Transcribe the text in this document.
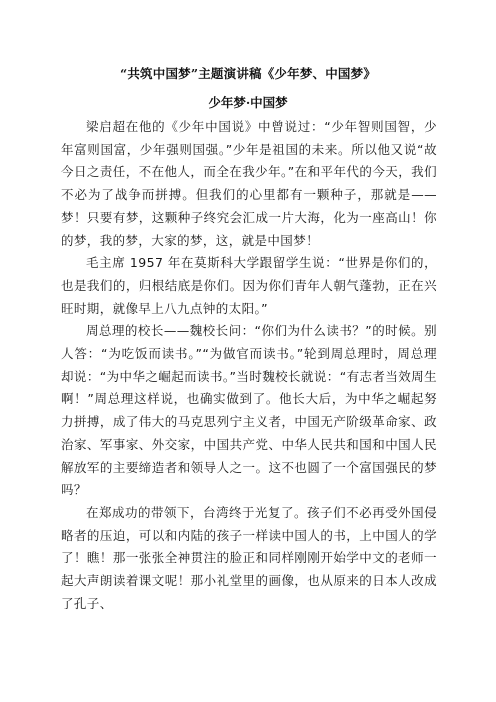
“共筑中国梦”主题演讲稿《少年梦、中国梦》
少年梦·中国梦

梁启超在他的《少年中国说》中曾说过：“少年智则国智，少年富则国富，少年强则国强。”少年是祖国的未来。所以他又说“故今日之责任，不在他人，而全在我少年。”在和平年代的今天，我们不必为了战争而拼搏。但我们的心里都有一颗种子，那就是——梦！只要有梦，这颗种子终究会汇成一片大海，化为一座高山！你的梦，我的梦，大家的梦，这，就是中国梦！

毛主席 1957 年在莫斯科大学跟留学生说：“世界是你们的，也是我们的，归根结底是你们。因为你们青年人朝气蓬勃，正在兴旺时期，就像早上八九点钟的太阳。”

周总理的校长——魏校长问：“你们为什么读书？”的时候。别人答：“为吃饭而读书。”“为做官而读书。”轮到周总理时，周总理却说：“为中华之崛起而读书。”当时魏校长就说：“有志者当效周生啊！”周总理这样说，也确实做到了。他长大后，为中华之崛起努力拼搏，成了伟大的马克思列宁主义者，中国无产阶级革命家、政治家、军事家、外交家，中国共产党、中华人民共和国和中国人民解放军的主要缔造者和领导人之一。这不也圆了一个富国强民的梦吗？

在郑成功的带领下，台湾终于光复了。孩子们不必再受外国侵略者的压迫，可以和内陆的孩子一样读中国人的书，上中国人的学了！瞧！那一张张全神贯注的脸正和同样刚刚开始学中文的老师一起大声朗读着课文呢！那小礼堂里的画像，也从原来的日本人改成了孔子、
